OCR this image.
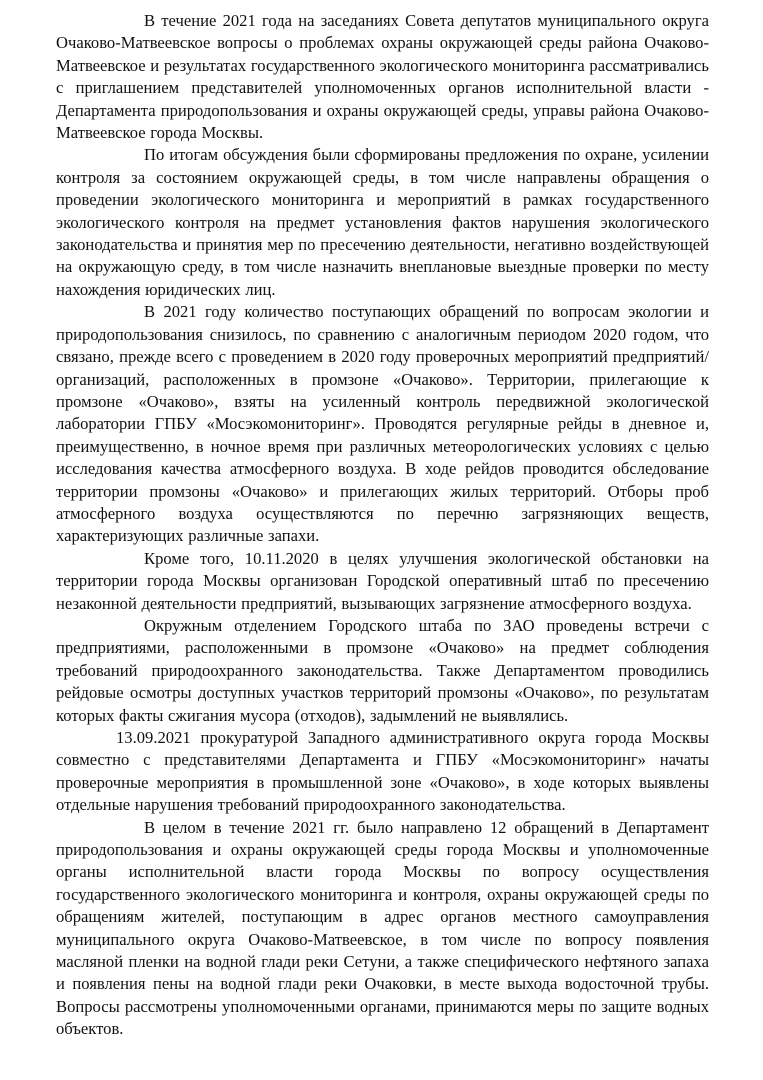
В течение 2021 года на заседаниях Совета депутатов муниципального округа Очаково-Матвеевское вопросы о проблемах охраны окружающей среды района Очаково-Матвеевское и результатах государственного экологического мониторинга рассматривались с приглашением представителей уполномоченных органов исполнительной власти - Департамента природопользования и охраны окружающей среды, управы района Очаково-Матвеевское города Москвы.

По итогам обсуждения были сформированы предложения по охране, усилении контроля за состоянием окружающей среды, в том числе направлены обращения о проведении экологического мониторинга и мероприятий в рамках государственного экологического контроля на предмет установления фактов нарушения экологического законодательства и принятия мер по пресечению деятельности, негативно воздействующей на окружающую среду, в том числе назначить внеплановые выездные проверки по месту нахождения юридических лиц.

В 2021 году количество поступающих обращений по вопросам экологии и природопользования снизилось, по сравнению с аналогичным периодом 2020 годом, что связано, прежде всего с проведением в 2020 году проверочных мероприятий предприятий/организаций, расположенных в промзоне «Очаково». Территории, прилегающие к промзоне «Очаково», взяты на усиленный контроль передвижной экологической лаборатории ГПБУ «Мосэкомониторинг». Проводятся регулярные рейды в дневное и, преимущественно, в ночное время при различных метеорологических условиях с целью исследования качества атмосферного воздуха. В ходе рейдов проводится обследование территории промзоны «Очаково» и прилегающих жилых территорий. Отборы проб атмосферного воздуха осуществляются по перечню загрязняющих веществ, характеризующих различные запахи.

Кроме того, 10.11.2020 в целях улучшения экологической обстановки на территории города Москвы организован Городской оперативный штаб по пресечению незаконной деятельности предприятий, вызывающих загрязнение атмосферного воздуха.

Окружным отделением Городского штаба по ЗАО проведены встречи с предприятиями, расположенными в промзоне «Очаково» на предмет соблюдения требований природоохранного законодательства. Также Департаментом проводились рейдовые осмотры доступных участков территорий промзоны «Очаково», по результатам которых факты сжигания мусора (отходов), задымлений не выявлялись.

13.09.2021 прокуратурой Западного административного округа города Москвы совместно с представителями Департамента и ГПБУ «Мосэкомониторинг» начаты проверочные мероприятия в промышленной зоне «Очаково», в ходе которых выявлены отдельные нарушения требований природоохранного законодательства.

В целом в течение 2021 гг. было направлено 12 обращений в Департамент природопользования и охраны окружающей среды города Москвы и уполномоченные органы исполнительной власти города Москвы по вопросу осуществления государственного экологического мониторинга и контроля, охраны окружающей среды по обращениям жителей, поступающим в адрес органов местного самоуправления муниципального округа Очаково-Матвеевское, в том числе по вопросу появления масляной пленки на водной глади реки Сетуни, а также специфического нефтяного запаха и появления пены на водной глади реки Очаковки, в месте выхода водосточной трубы. Вопросы рассмотрены уполномоченными органами, принимаются меры по защите водных объектов.
